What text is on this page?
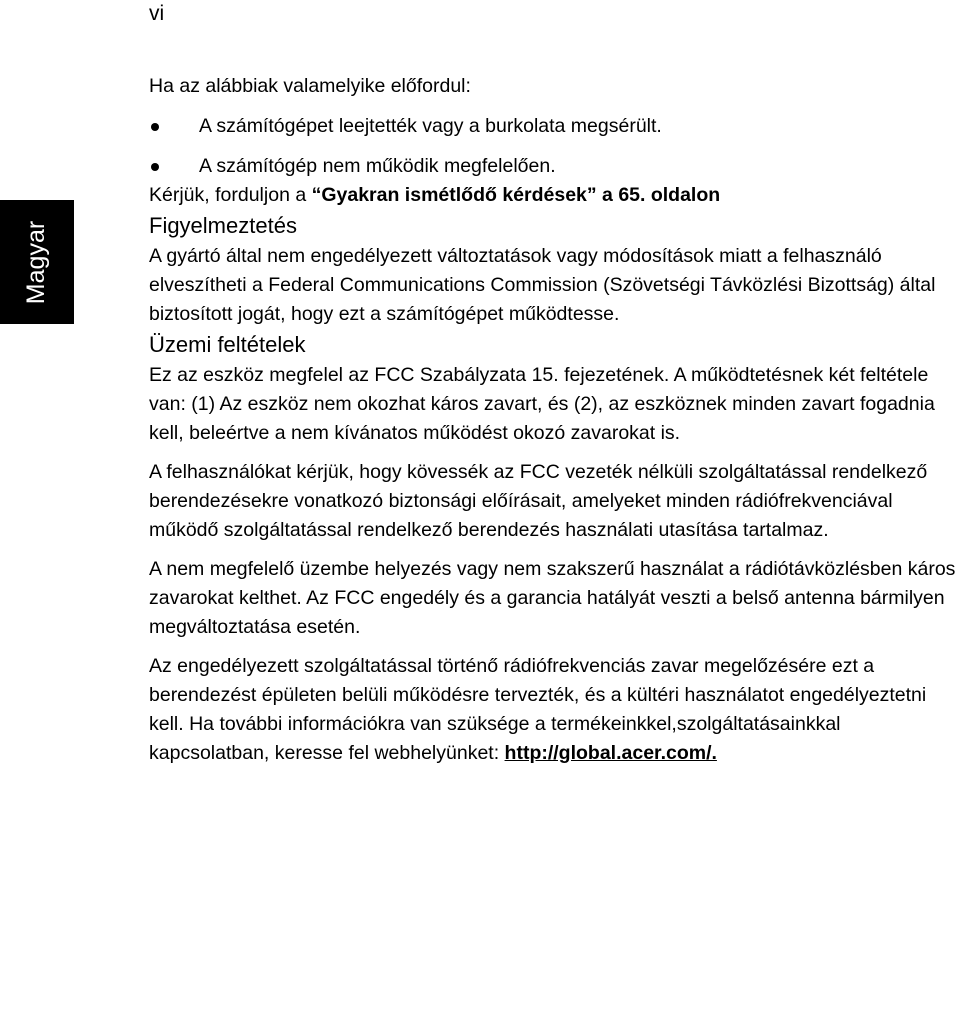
vi
Magyar

Ha az alábbiak valamelyike előfordul:

A számítógépet leejtették vagy a burkolata megsérült.
A számítógép nem működik megfelelően.

Kérjük, forduljon a “Gyakran ismétlődő kérdések” a 65. oldalon

Figyelmeztetés

A gyártó által nem engedélyezett változtatások vagy módosítások miatt a felhasználó elveszítheti a Federal Communications Commission (Szövetségi Távközlési Bizottság) által biztosított jogát, hogy ezt a számítógépet működtesse.

Üzemi feltételek

Ez az eszköz megfelel az FCC Szabályzata 15. fejezetének. A működtetésnek két feltétele van: (1) Az eszköz nem okozhat káros zavart, és (2), az eszköznek minden zavart fogadnia kell, beleértve a nem kívánatos működést okozó zavarokat is.

A felhasználókat kérjük, hogy kövessék az FCC vezeték nélküli szolgáltatással rendelkező berendezésekre vonatkozó biztonsági előírásait, amelyeket minden rádiófrekvenciával működő szolgáltatással rendelkező berendezés használati utasítása tartalmaz.

A nem megfelelő üzembe helyezés vagy nem szakszerű használat a rádiótávközlésben káros zavarokat kelthet. Az FCC engedély és a garancia hatályát veszti a belső antenna bármilyen megváltoztatása esetén.

Az engedélyezett szolgáltatással történő rádiófrekvenciás zavar megelőzésére ezt a berendezést épületen belüli működésre tervezték, és a kültéri használatot engedélyeztetni kell. Ha további információkra van szüksége a termékeinkkel,szolgáltatásainkkal kapcsolatban, keresse fel webhelyünket: http://global.acer.com/.
